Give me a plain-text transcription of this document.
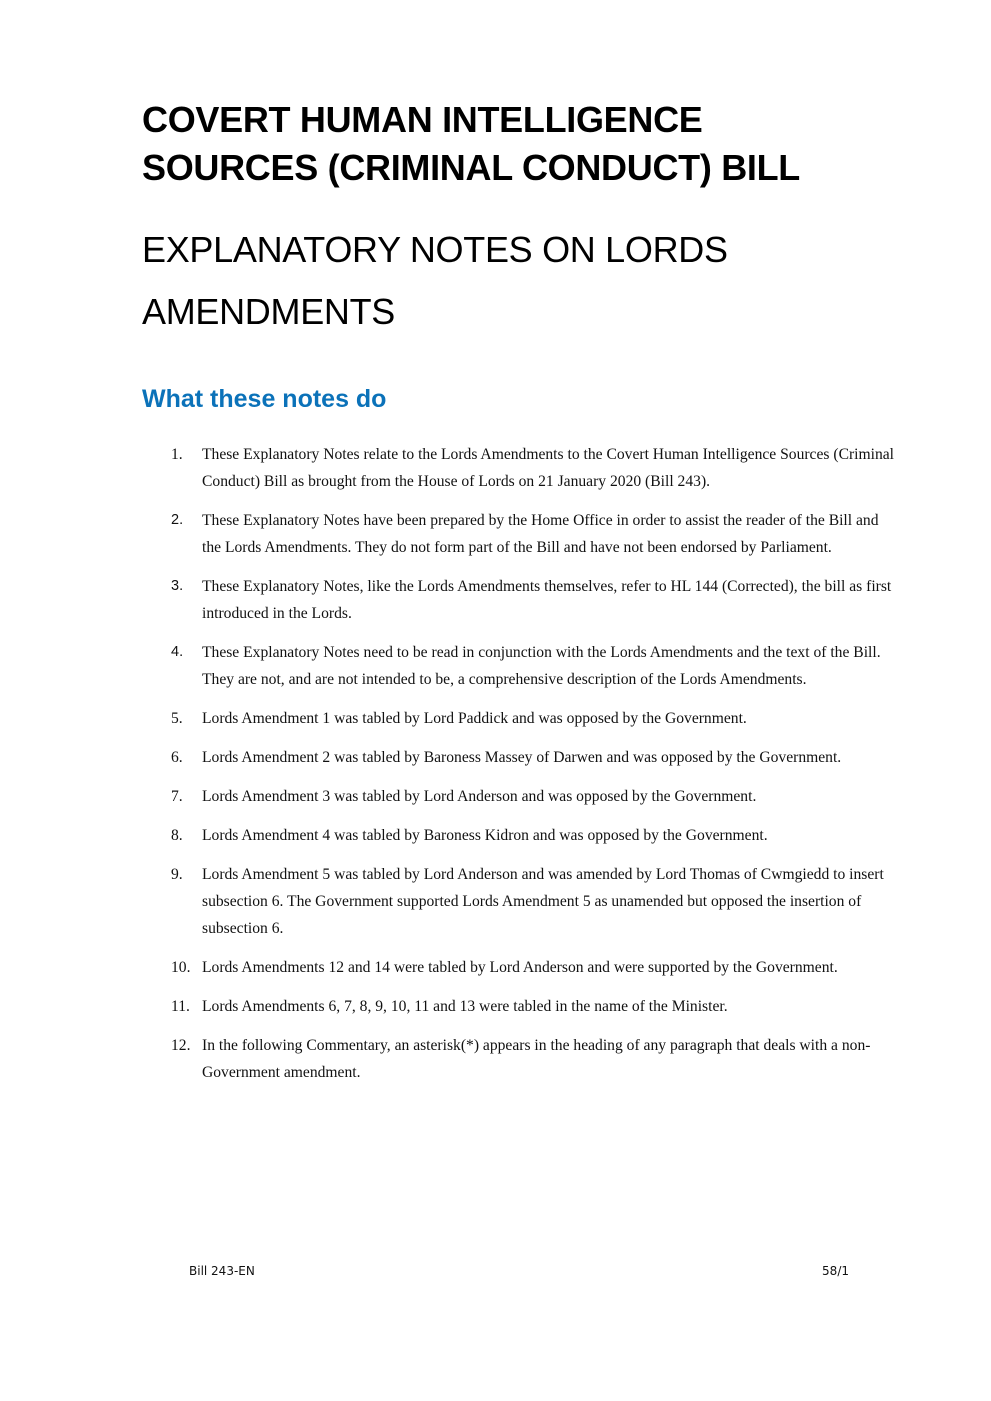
COVERT HUMAN INTELLIGENCE
SOURCES (CRIMINAL CONDUCT) BILL
EXPLANATORY NOTES ON LORDS
AMENDMENTS
What these notes do
1. These Explanatory Notes relate to the Lords Amendments to the Covert Human Intelligence Sources (Criminal Conduct) Bill as brought from the House of Lords on 21 January 2020 (Bill 243).
2. These Explanatory Notes have been prepared by the Home Office in order to assist the reader of the Bill and the Lords Amendments. They do not form part of the Bill and have not been endorsed by Parliament.
3. These Explanatory Notes, like the Lords Amendments themselves, refer to HL 144 (Corrected), the bill as first introduced in the Lords.
4. These Explanatory Notes need to be read in conjunction with the Lords Amendments and the text of the Bill. They are not, and are not intended to be, a comprehensive description of the Lords Amendments.
5. Lords Amendment 1 was tabled by Lord Paddick and was opposed by the Government.
6. Lords Amendment 2 was tabled by Baroness Massey of Darwen and was opposed by the Government.
7. Lords Amendment 3 was tabled by Lord Anderson and was opposed by the Government.
8. Lords Amendment 4 was tabled by Baroness Kidron and was opposed by the Government.
9. Lords Amendment 5 was tabled by Lord Anderson and was amended by Lord Thomas of Cwmgiedd to insert subsection 6. The Government supported Lords Amendment 5 as unamended but opposed the insertion of subsection 6.
10. Lords Amendments 12 and 14 were tabled by Lord Anderson and were supported by the Government.
11. Lords Amendments 6, 7, 8, 9, 10, 11 and 13 were tabled in the name of the Minister.
12. In the following Commentary, an asterisk(*) appears in the heading of any paragraph that deals with a non-Government amendment.
Bill 243-EN	58/1
